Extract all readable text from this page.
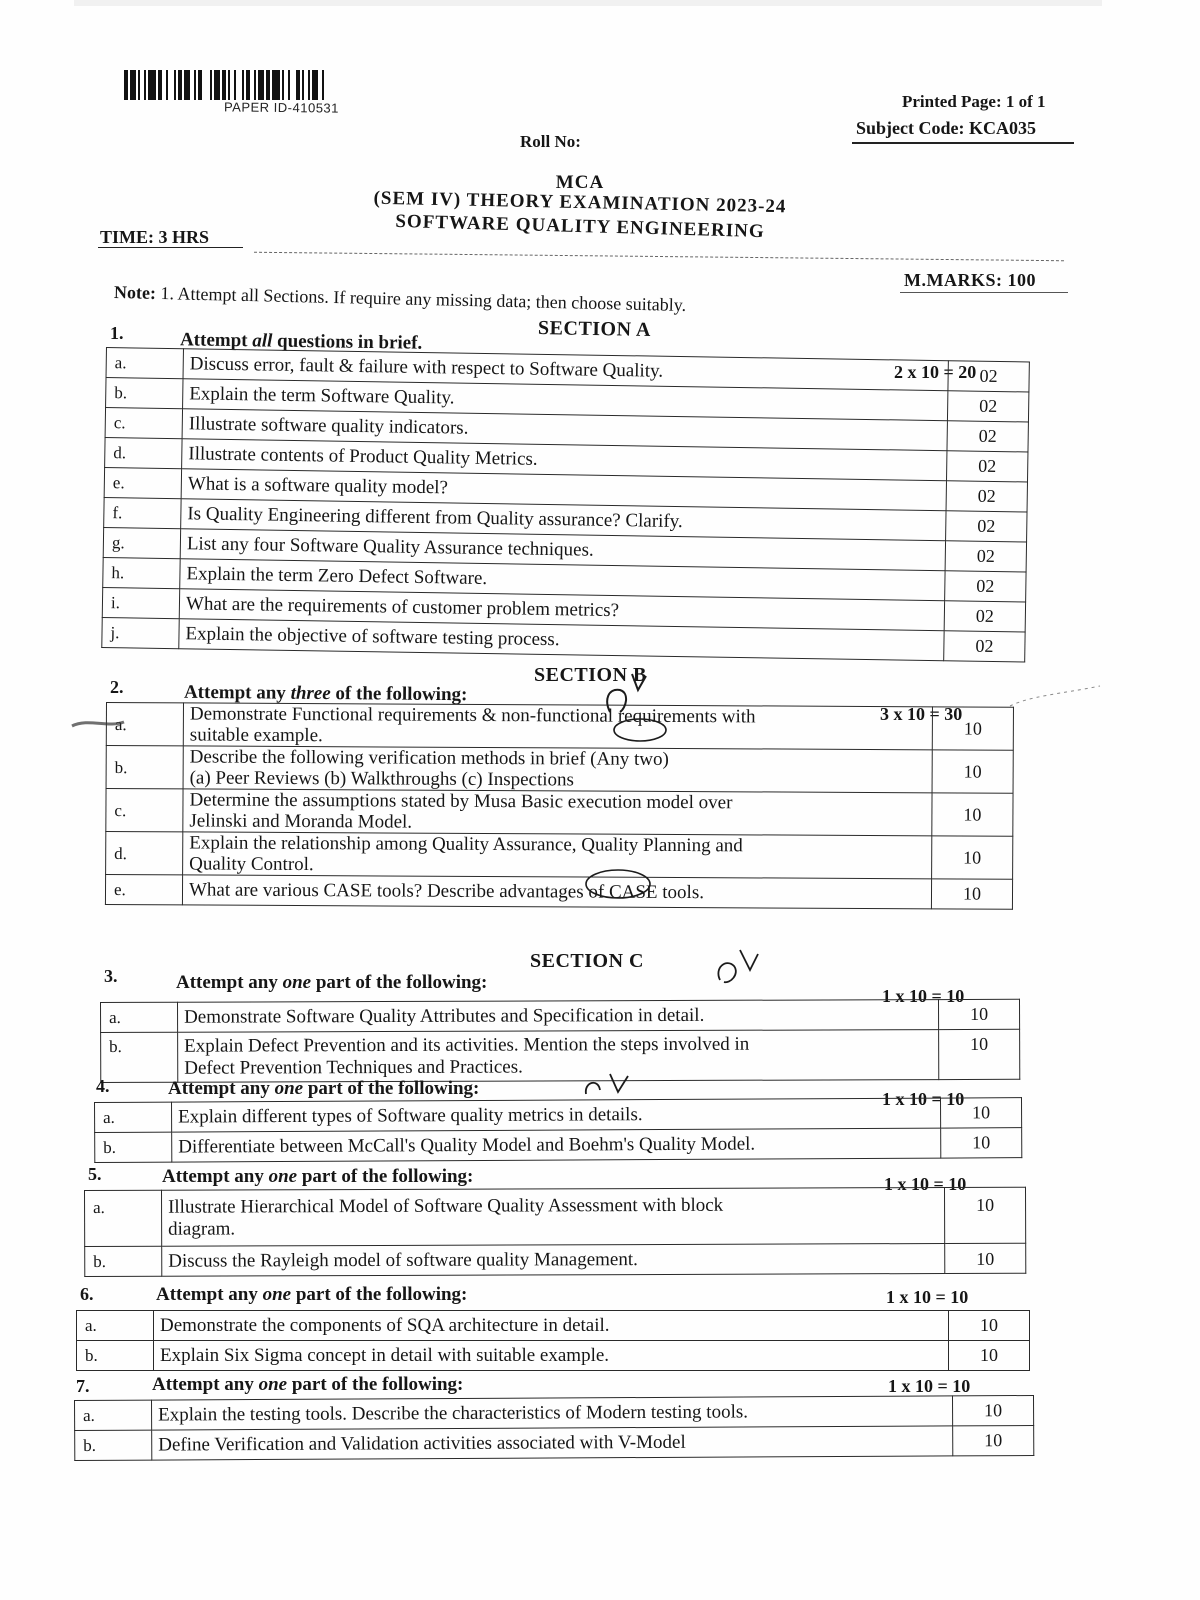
PAPER ID-410531	Printed Page: 1 of 1
Subject Code: KCA035
Roll No:
MCA
(SEM IV) THEORY EXAMINATION 2023-24
SOFTWARE QUALITY ENGINEERING
TIME: 3 HRS
M.MARKS: 100
Note: 1. Attempt all Sections. If require any missing data; then choose suitably.
SECTION A
1.	Attempt all questions in brief.
2 x 10 = 20
a.	Discuss error, fault & failure with respect to Software Quality.	02
b.	Explain the term Software Quality.	02
c.	Illustrate software quality indicators.	02
d.	Illustrate contents of Product Quality Metrics.	02
e.	What is a software quality model?	02
f.	Is Quality Engineering different from Quality assurance? Clarify.	02
g.	List any four Software Quality Assurance techniques.	02
h.	Explain the term Zero Defect Software.	02
i.	What are the requirements of customer problem metrics?	02
j.	Explain the objective of software testing process.	02
SECTION B
2.	Attempt any three of the following:
3 x 10 = 30
a.	Demonstrate Functional requirements & non-functional requirements with
suitable example.	10
b.	Describe the following verification methods in brief (Any two)
(a) Peer Reviews (b) Walkthroughs (c) Inspections	10
c.	Determine the assumptions stated by Musa Basic execution model over
Jelinski and Moranda Model.	10
d.	Explain the relationship among Quality Assurance, Quality Planning and
Quality Control.	10
e.	What are various CASE tools? Describe advantages of CASE tools.	10
SECTION C
3.	Attempt any one part of the following:
1 x 10 = 10
a.	Demonstrate Software Quality Attributes and Specification in detail.	10
b.	Explain Defect Prevention and its activities. Mention the steps involved in
Defect Prevention Techniques and Practices.	10
4.	Attempt any one part of the following:	1 x 10 = 10
a.	Explain different types of Software quality metrics in details.	10
b.	Differentiate between McCall's Quality Model and Boehm's Quality Model.	10
5.	Attempt any one part of the following:	1 x 10 = 10
a.	Illustrate Hierarchical Model of Software Quality Assessment with block
diagram.	10
b.	Discuss the Rayleigh model of software quality Management.	10
6.	Attempt any one part of the following:	1 x 10 = 10
a.	Demonstrate the components of SQA architecture in detail.	10
b.	Explain Six Sigma concept in detail with suitable example.	10
7.	Attempt any one part of the following:	1 x 10 = 10
a.	Explain the testing tools. Describe the characteristics of Modern testing tools.	10
b.	Define Verification and Validation activities associated with V-Model	10
